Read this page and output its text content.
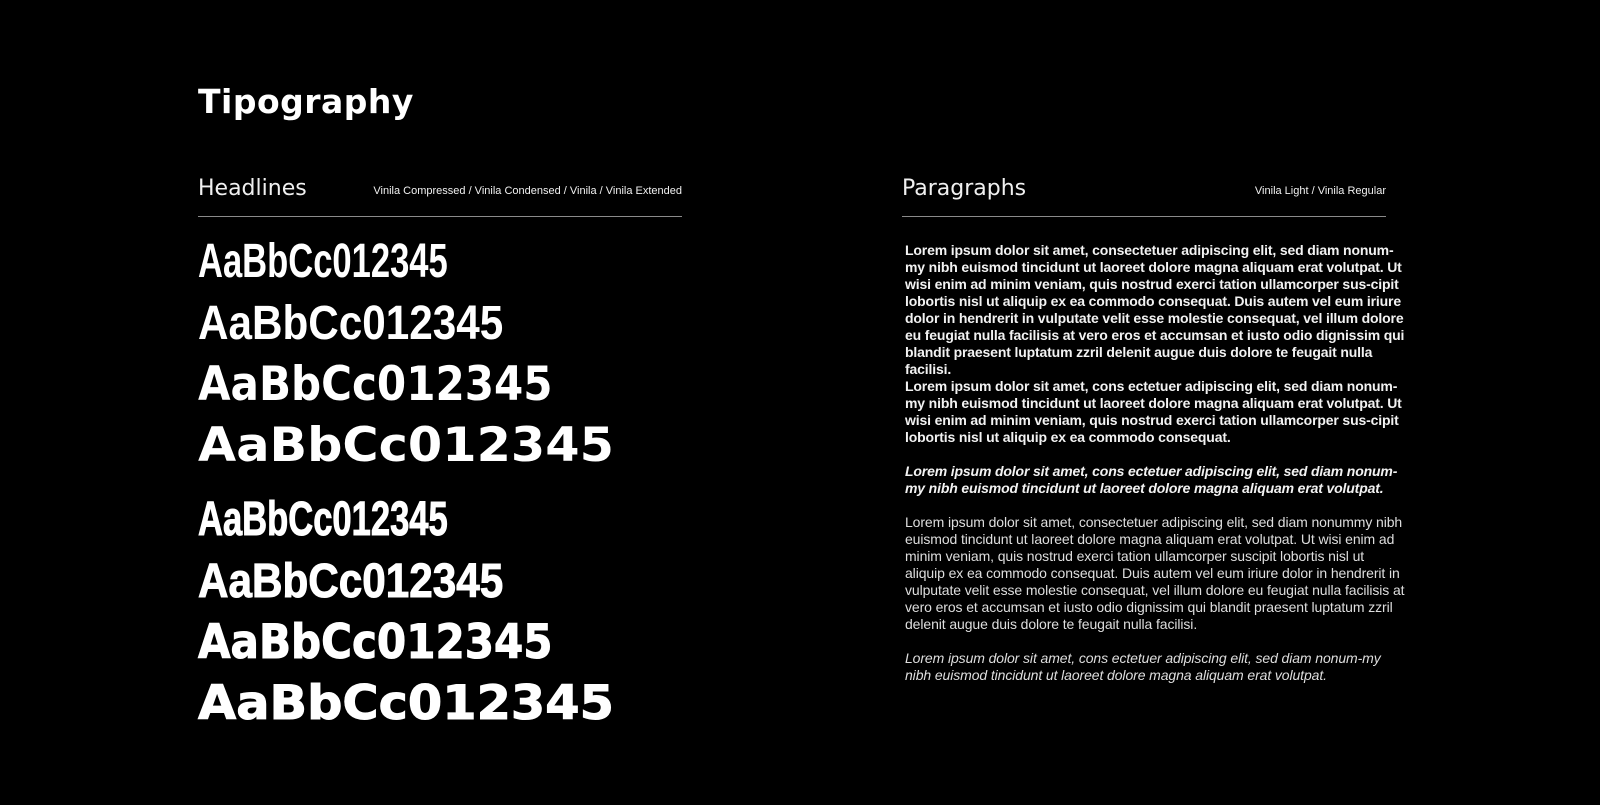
Tipography
Headlines	Vinila Compressed / Vinila Condensed / Vinila / Vinila Extended	Paragraphs	Vinila Light / Vinila Regular
AaBbCc012345
AaBbCc012345
AaBbCc012345
AaBbCc012345
AaBbCc012345
AaBbCc012345
AaBbCc012345
AaBbCc012345

Lorem ipsum dolor sit amet, consectetuer adipiscing elit, sed diam nonum-my nibh euismod tincidunt ut laoreet dolore magna aliquam erat volutpat. Ut wisi enim ad minim veniam, quis nostrud exerci tation ullamcorper sus-cipit lobortis nisl ut aliquip ex ea commodo consequat. Duis autem vel eum iriure dolor in hendrerit in vulputate velit esse molestie consequat, vel illum dolore eu feugiat nulla facilisis at vero eros et accumsan et iusto odio dignissim qui blandit praesent luptatum zzril delenit augue duis dolore te feugait nulla facilisi.

Lorem ipsum dolor sit amet, cons ectetuer adipiscing elit, sed diam nonum-my nibh euismod tincidunt ut laoreet dolore magna aliquam erat volutpat. Ut wisi enim ad minim veniam, quis nostrud exerci tation ullamcorper sus-cipit lobortis nisl ut aliquip ex ea commodo consequat.

Lorem ipsum dolor sit amet, cons ectetuer adipiscing elit, sed diam nonum-my nibh euismod tincidunt ut laoreet dolore magna aliquam erat volutpat.

Lorem ipsum dolor sit amet, consectetuer adipiscing elit, sed diam nonummy nibh euismod tincidunt ut laoreet dolore magna aliquam erat volutpat. Ut wisi enim ad minim veniam, quis nostrud exerci tation ullamcorper suscipit lobortis nisl ut aliquip ex ea commodo consequat. Duis autem vel eum iriure dolor in hendrerit in vulputate velit esse molestie consequat, vel illum dolore eu feugiat nulla facilisis at vero eros et accumsan et iusto odio dignissim qui blandit praesent luptatum zzril delenit augue duis dolore te feugait nulla facilisi.

Lorem ipsum dolor sit amet, cons ectetuer adipiscing elit, sed diam nonum-my nibh euismod tincidunt ut laoreet dolore magna aliquam erat volutpat.
